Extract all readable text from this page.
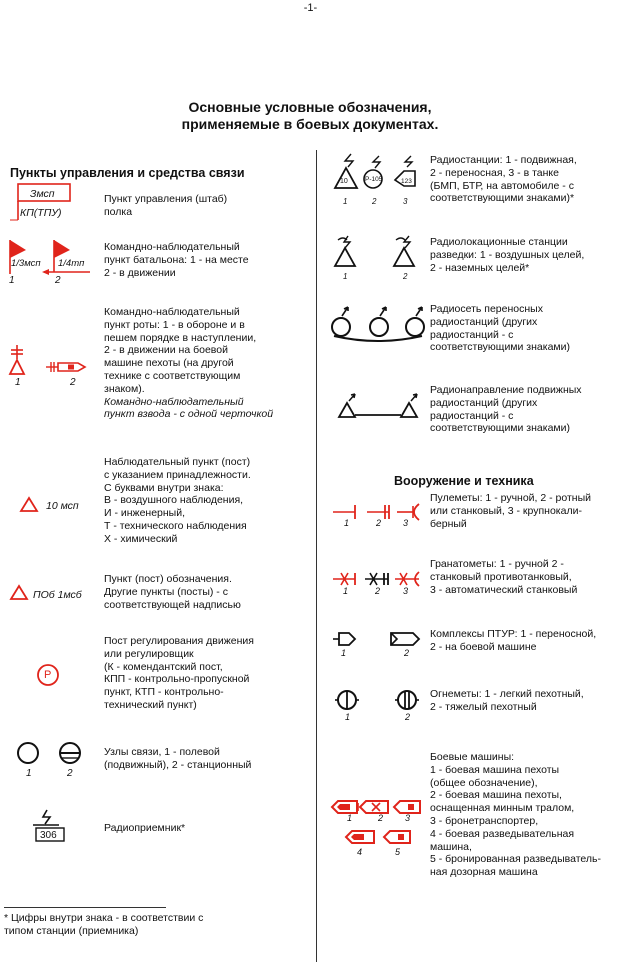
-1-
Основные условные обозначения,
применяемые в боевых документах.
Пункты управления и средства связи
Змсп
КП(ТПУ)
Пункт управления (штаб)
полка
1/3мсп 1/4тп
1	2
Командно-наблюдательный
пункт батальона: 1 - на месте
2 - в движении
1	2
Командно-наблюдательный
пункт роты: 1 - в обороне и в
пешем порядке в наступлении,
2 - в движении на боевой
машине пехоты (на другой
технике с соответствующим
знаком).
Командно-наблюдательный
пункт взвода - с одной черточкой
10 мсп
Наблюдательный пункт (пост)
с указанием принадлежности.
С буквами внутри знака:
В - воздушного наблюдения,
И - инженерный,
Т - технического наблюдения
Х - химический
ПОб 1мсб
Пункт (пост) обозначения.
Другие пункты (посты) - с
соответствующей надписью
Р
Пост регулирования движения
или регулировщик
(К - комендантский пост,
КПП - контрольно-пропускной
пункт, КТП - контрольно-
технический пункт)
1	2
Узлы связи, 1 - полевой
(подвижный), 2 - станционный
306
Радиоприемник*
* Цифры внутри знака - в соответствии с
типом станции (приемника)
10	Р-105	123
1	2	3
Радиостанции: 1 - подвижная,
2 - переносная, 3 - в танке
(БМП, БТР, на автомобиле - с
соответствующими знаками)*
1	2
Радиолокационные станции
разведки: 1 - воздушных целей,
2 - наземных целей*
Радиосеть переносных
радиостанций (других
радиостанций - с
соответствующими знаками)
Радионаправление подвижных
радиостанций (других
радиостанций - с
соответствующими знаками)
Вооружение и техника
1	2 3
Пулеметы: 1 - ручной, 2 - ротный
или станковый, 3 - крупнокали-
берный
1	2	3
Гранатометы: 1 - ручной 2 -
станковый противотанковый,
3 - автоматический станковый
1	2
Комплексы ПТУР: 1 - переносной,
2 - на боевой машине
1	2
Огнеметы: 1 - легкий пехотный,
2 - тяжелый пехотный
1	2 3
4	5
Боевые машины:
1 - боевая машина пехоты
(общее обозначение),
2 - боевая машина пехоты,
оснащенная минным тралом,
3 - бронетранспортер,
4 - боевая разведывательная
машина,
5 - бронированная разведыватель-
ная дозорная машина
